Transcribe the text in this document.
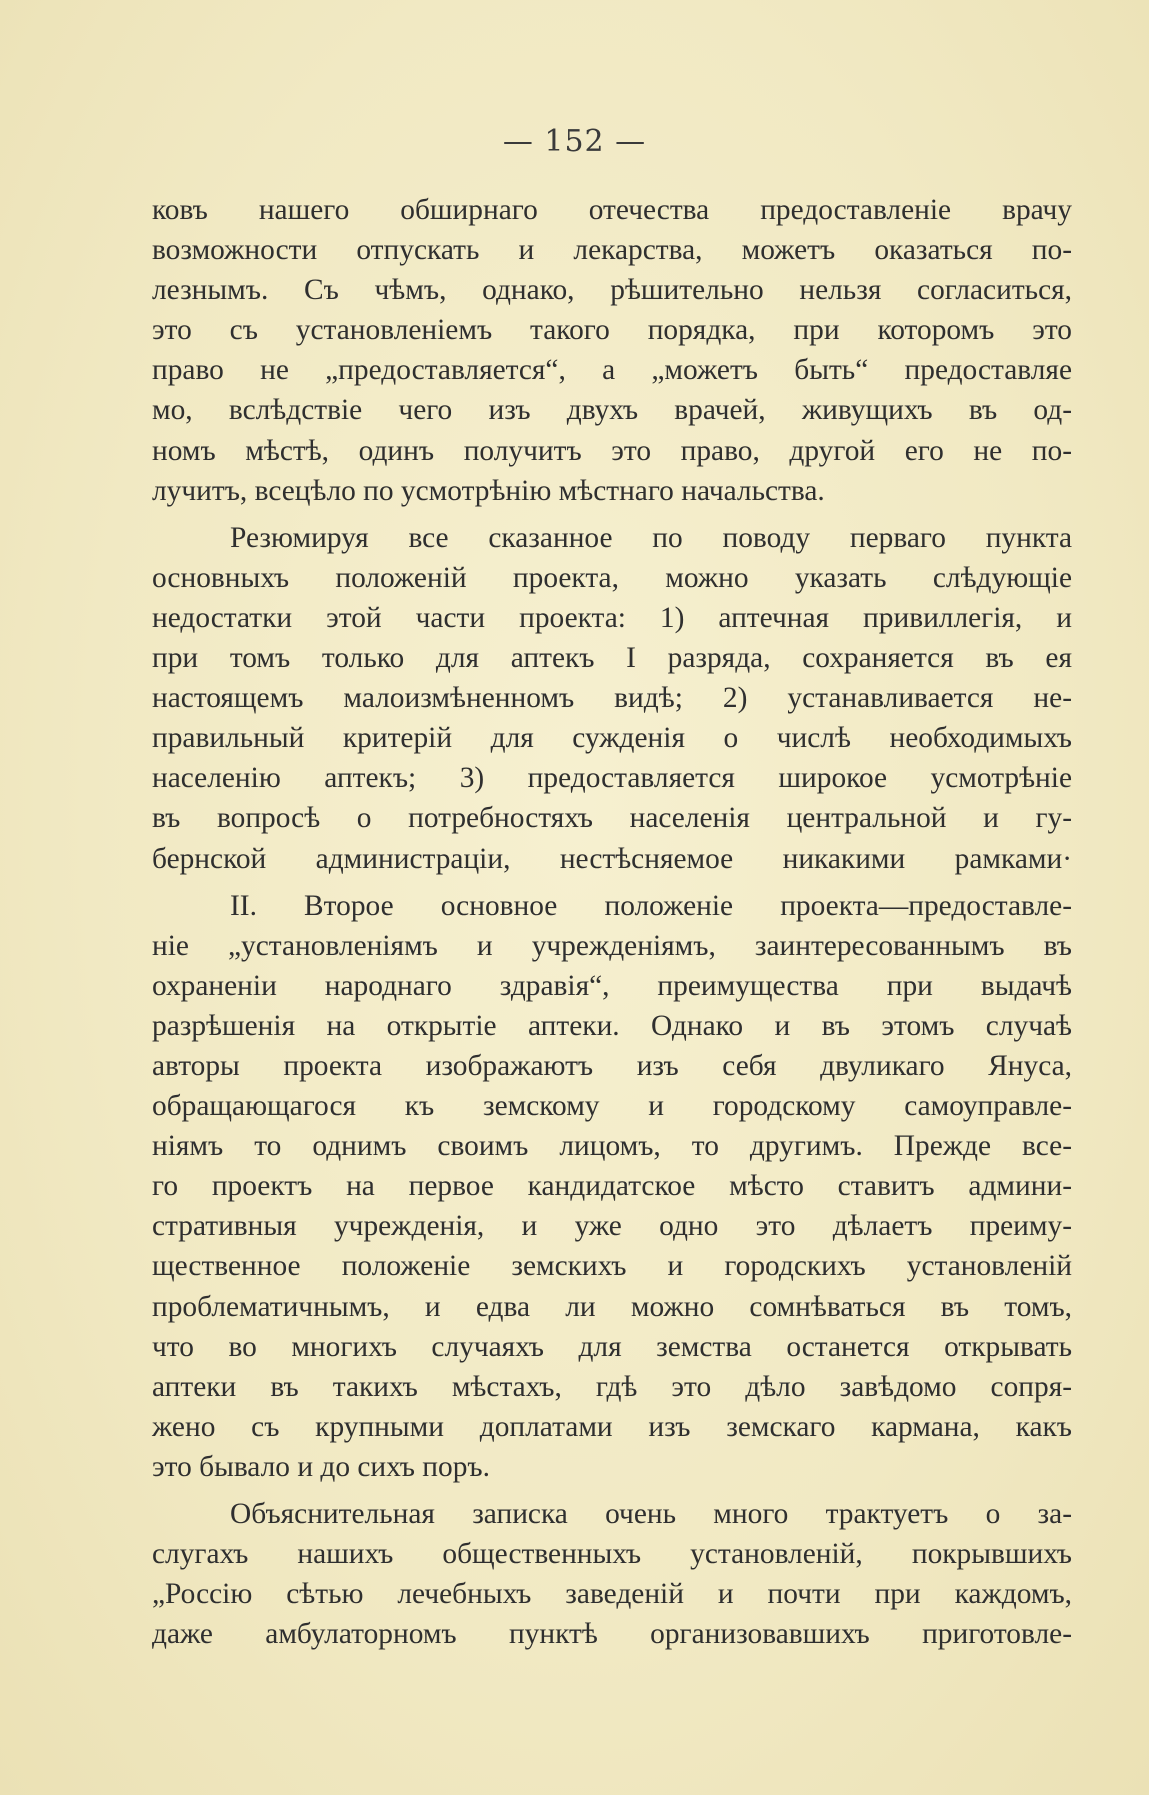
— 152 —
ковъ нашего обширнаго отечества предоставленіе врачу
возможности отпускать и лекарства, можетъ оказаться по-
лезнымъ. Съ чѣмъ, однако, рѣшительно нельзя согласиться,
это съ установленіемъ такого порядка, при которомъ это
право не „предоставляется“, а „можетъ быть“ предоставляе
мо, вслѣдствіе чего изъ двухъ врачей, живущихъ въ од-
номъ мѣстѣ, одинъ получитъ это право, другой его не по-
лучитъ, всецѣло по усмотрѣнію мѣстнаго начальства.
Резюмируя все сказанное по поводу перваго пункта
основныхъ положеній проекта, можно указать слѣдующіе
недостатки этой части проекта: 1) аптечная привиллегія, и
при томъ только для аптекъ I разряда, сохраняется въ ея
настоящемъ малоизмѣненномъ видѣ; 2) устанавливается не-
правильный критерій для сужденія о числѣ необходимыхъ
населенію аптекъ; 3) предоставляется широкое усмотрѣніе
въ вопросѣ о потребностяхъ населенія центральной и гу-
бернской администраціи, нестѣсняемое никакими рамками·
II. Второе основное положеніе проекта—предоставле-
ніе „установленіямъ и учрежденіямъ, заинтересованнымъ въ
охраненіи народнаго здравія“, преимущества при выдачѣ
разрѣшенія на открытіе аптеки. Однако и въ этомъ случаѣ
авторы проекта изображаютъ изъ себя двуликаго Януса,
обращающагося къ земскому и городскому самоуправле-
ніямъ то однимъ своимъ лицомъ, то другимъ. Прежде все-
го проектъ на первое кандидатское мѣсто ставитъ админи-
стративныя учрежденія, и уже одно это дѣлаетъ преиму-
щественное положеніе земскихъ и городскихъ установленій
проблематичнымъ, и едва ли можно сомнѣваться въ томъ,
что во многихъ случаяхъ для земства останется открывать
аптеки въ такихъ мѣстахъ, гдѣ это дѣло завѣдомо сопря-
жено съ крупными доплатами изъ земскаго кармана, какъ
это бывало и до сихъ поръ.
Объяснительная записка очень много трактуетъ о за-
слугахъ нашихъ общественныхъ установленій, покрывшихъ
„Россію сѣтью лечебныхъ заведеній и почти при каждомъ,
даже амбулаторномъ пунктѣ организовавшихъ приготовле-
